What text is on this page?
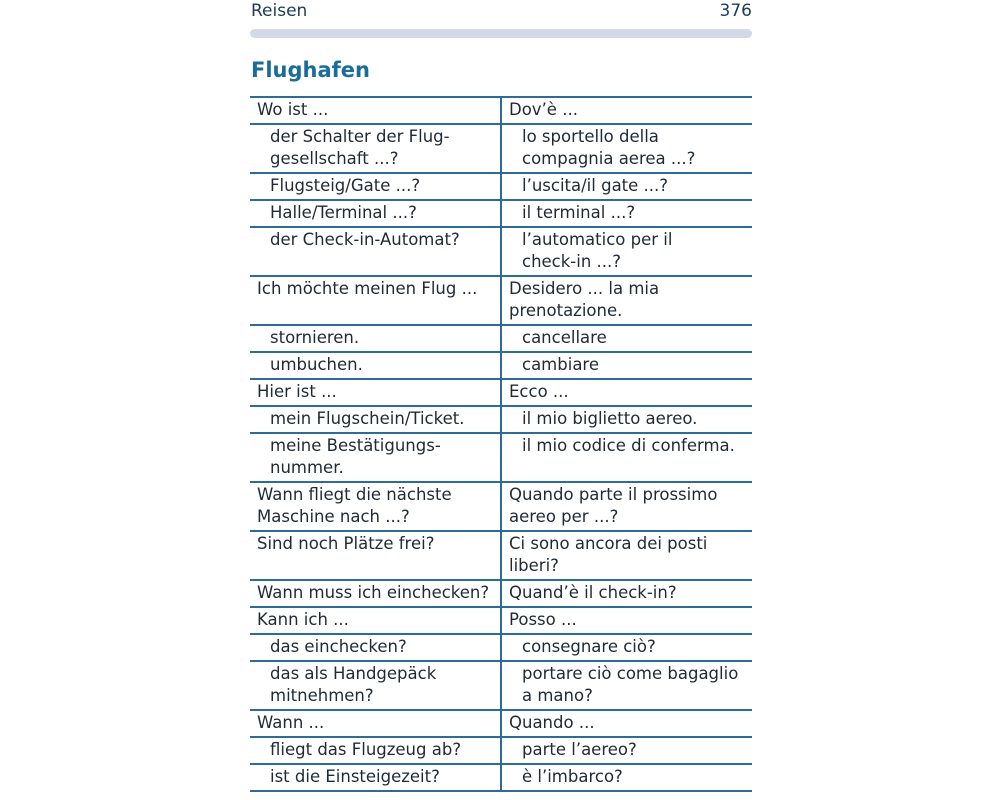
Reisen	376
Flughafen
Wo ist ...	Dov’è ...
der Schalter der Flug-
gesellschaft ...?	lo sportello della
compagnia aerea ...?
Flugsteig/Gate ...?	l’uscita/il gate ...?
Halle/Terminal ...?	il terminal ...?
der Check-in-Automat?	l’automatico per il
check-in ...?
Ich möchte meinen Flug ...	Desidero ... la mia
prenotazione.
stornieren.	cancellare
umbuchen.	cambiare
Hier ist ...	Ecco ...
mein Flugschein/Ticket.	il mio biglietto aereo.
meine Bestätigungs-
nummer.	il mio codice di conferma.
Wann fliegt die nächste
Maschine nach ...?	Quando parte il prossimo
aereo per ...?
Sind noch Plätze frei?	Ci sono ancora dei posti
liberi?
Wann muss ich einchecken?	Quand’è il check-in?
Kann ich ...	Posso ...
das einchecken?	consegnare ciò?
das als Handgepäck
mitnehmen?	portare ciò come bagaglio
a mano?
Wann ...	Quando ...
fliegt das Flugzeug ab?	parte l’aereo?
ist die Einsteigezeit?	è l’imbarco?
